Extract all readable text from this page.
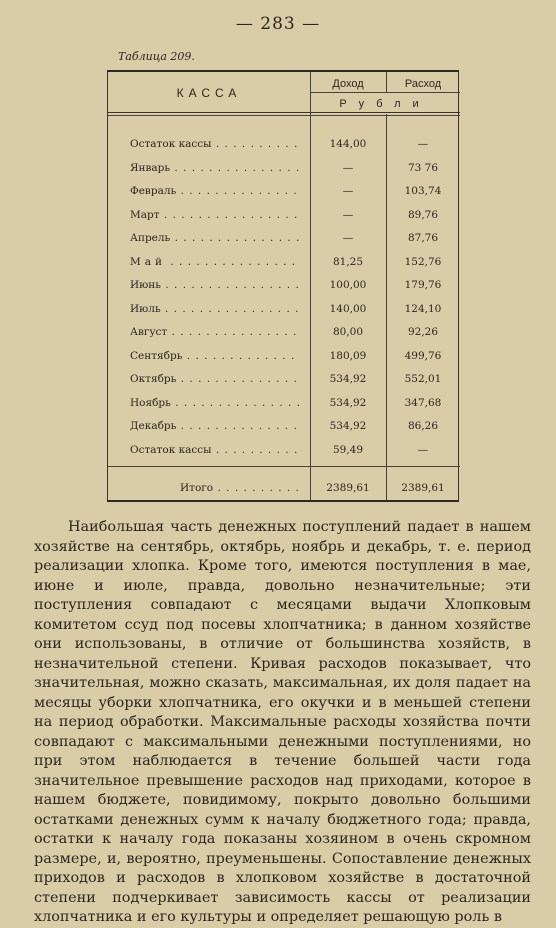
— 283 —
Таблица 209.
КАССА
Доход	Расход
Рубли
Остаток кассы . . .	144,00	—
Январь . . .	—	73 76
Февраль . . .	—	103,74
Март . . .	—	89,76
Апрель . . .	—	87,76
Май . . .	81,25	152,76
Июнь . . .	100,00	179,76
Июль . . .	140,00	124,10
Август . . .	80,00	92,26
Сентябрь . . .	180,09	499,76
Октябрь . . .	534,92	552,01
Ноябрь . . .	534,92	347,68
Декабрь . . .	534,92	86,26
Остаток кассы . . .	59,49	—
Итого . . .	2389,61	2389,61

Наибольшая часть денежных поступлений падает в нашем хозяйстве на сентябрь, октябрь, ноябрь и декабрь, т. е. период реализации хлопка. Кроме того, имеются поступления в мае, июне и июле, правда, довольно незначительные; эти поступления совпадают с месяцами выдачи Хлопковым комитетом ссуд под посевы хлопчатника; в данном хозяйстве они использованы, в отличие от большинства хозяйств, в незначительной степени. Кривая расходов показывает, что значительная, можно сказать, максимальная, их доля падает на месяцы уборки хлопчатника, его окучки и в меньшей степени на период обработки. Максимальные расходы хозяйства почти совпадают с максимальными денежными поступлениями, но при этом наблюдается в течение большей части года значительное превышение расходов над приходами, которое в нашем бюджете, повидимому, покрыто довольно большими остатками денежных сумм к началу бюджетного года; правда, остатки к началу года показаны хозяином в очень скромном размере, и, вероятно, преуменьшены. Сопоставление денежных приходов и расходов в хлопковом хозяйстве в достаточной степени подчеркивает зависимость кассы от реализации хлопчатника и его культуры и определяет решающую роль в
